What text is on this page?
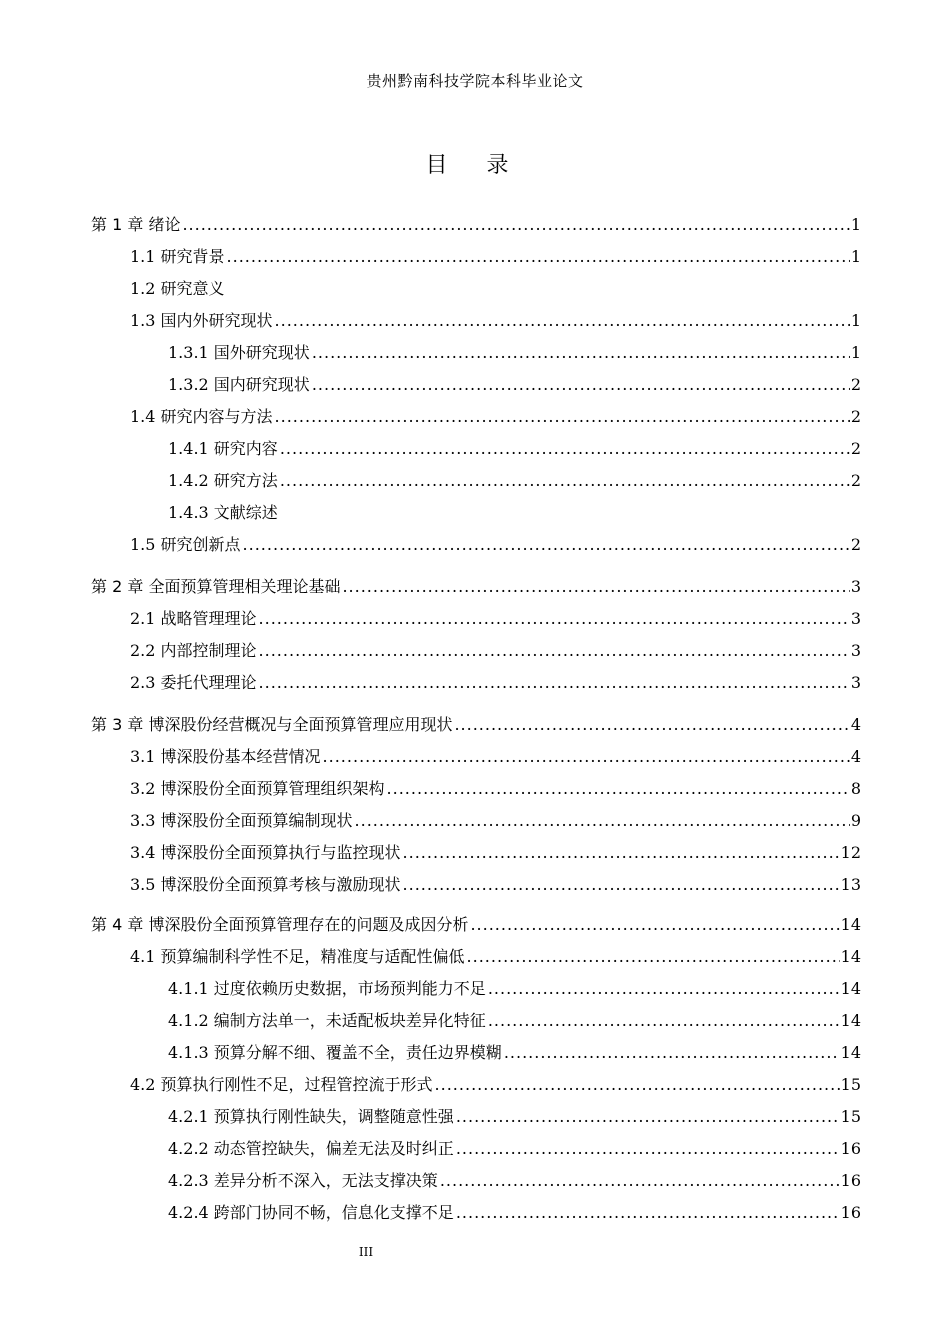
贵州黔南科技学院本科毕业论文
目 录
第 1 章 绪论 .....	1
1.1 研究背景 .....	1
1.2 研究意义
1.3 国内外研究现状 .....	1
1.3.1 国外研究现状 .....	1
1.3.2 国内研究现状 .....	2
1.4 研究内容与方法 .....	2
1.4.1 研究内容 .....	2
1.4.2 研究方法 .....	2
1.4.3 文献综述
1.5 研究创新点 .....	2
第 2 章 全面预算管理相关理论基础 .....	3
2.1 战略管理理论 .....	3
2.2 内部控制理论 .....	3
2.3 委托代理理论 .....	3
第 3 章 博深股份经营概况与全面预算管理应用现状 .....	4
3.1 博深股份基本经营情况 .....	4
3.2 博深股份全面预算管理组织架构 .....	8
3.3 博深股份全面预算编制现状 .....	9
3.4 博深股份全面预算执行与监控现状 .....	12
3.5 博深股份全面预算考核与激励现状 .....	13
第 4 章 博深股份全面预算管理存在的问题及成因分析 .....	14
4.1 预算编制科学性不足，精准度与适配性偏低 .....	14
4.1.1 过度依赖历史数据，市场预判能力不足 .....	14
4.1.2 编制方法单一，未适配板块差异化特征 .....	14
4.1.3 预算分解不细、覆盖不全，责任边界模糊 .....	14
4.2 预算执行刚性不足，过程管控流于形式 .....	15
4.2.1 预算执行刚性缺失，调整随意性强 .....	15
4.2.2 动态管控缺失，偏差无法及时纠正 .....	16
4.2.3 差异分析不深入，无法支撑决策 .....	16
4.2.4 跨部门协同不畅，信息化支撑不足 .....	16
III
